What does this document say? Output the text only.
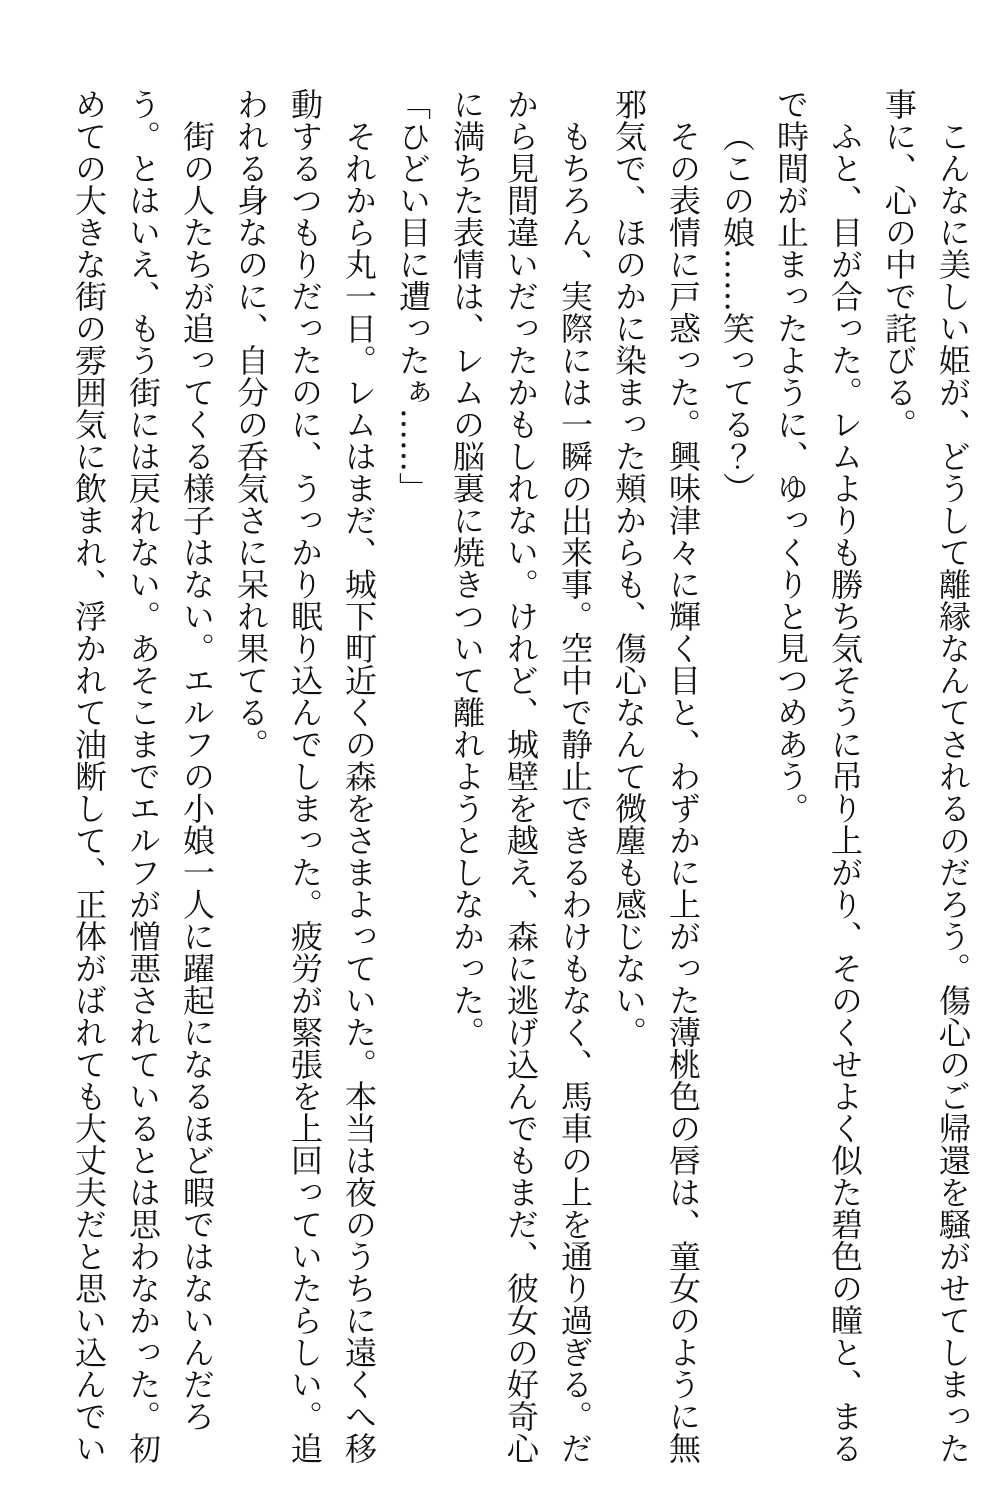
こんなに美しい姫が、どうして離縁なんてされるのだろう。傷心のご帰還を騒がせてしまった事に、心の中で詫びる。

ふと、目が合った。レムよりも勝ち気そうに吊り上がり、そのくせよく似た碧色の瞳と、まるで時間が止まったように、ゆっくりと見つめあう。

（この娘……笑ってる？）

その表情に戸惑った。興味津々に輝く目と、わずかに上がった薄桃色の唇は、童女のように無邪気で、ほのかに染まった頬からも、傷心なんて微塵も感じない。

もちろん、実際には一瞬の出来事。空中で静止できるわけもなく、馬車の上を通り過ぎる。だから見間違いだったかもしれない。けれど、城壁を越え、森に逃げ込んでもまだ、彼女の好奇心に満ちた表情は、レムの脳裏に焼きついて離れようとしなかった。

「ひどい目に遭ったぁ……」

それから丸一日。レムはまだ、城下町近くの森をさまよっていた。本当は夜のうちに遠くへ移動するつもりだったのに、うっかり眠り込んでしまった。疲労が緊張を上回っていたらしい。追われる身なのに、自分の呑気さに呆れ果てる。

街の人たちが追ってくる様子はない。エルフの小娘一人に躍起になるほど暇ではないんだろう。とはいえ、もう街には戻れない。あそこまでエルフが憎悪されているとは思わなかった。初めての大きな街の雰囲気に飲まれ、浮かれて油断して、正体がばれても大丈夫だと思い込んでい
